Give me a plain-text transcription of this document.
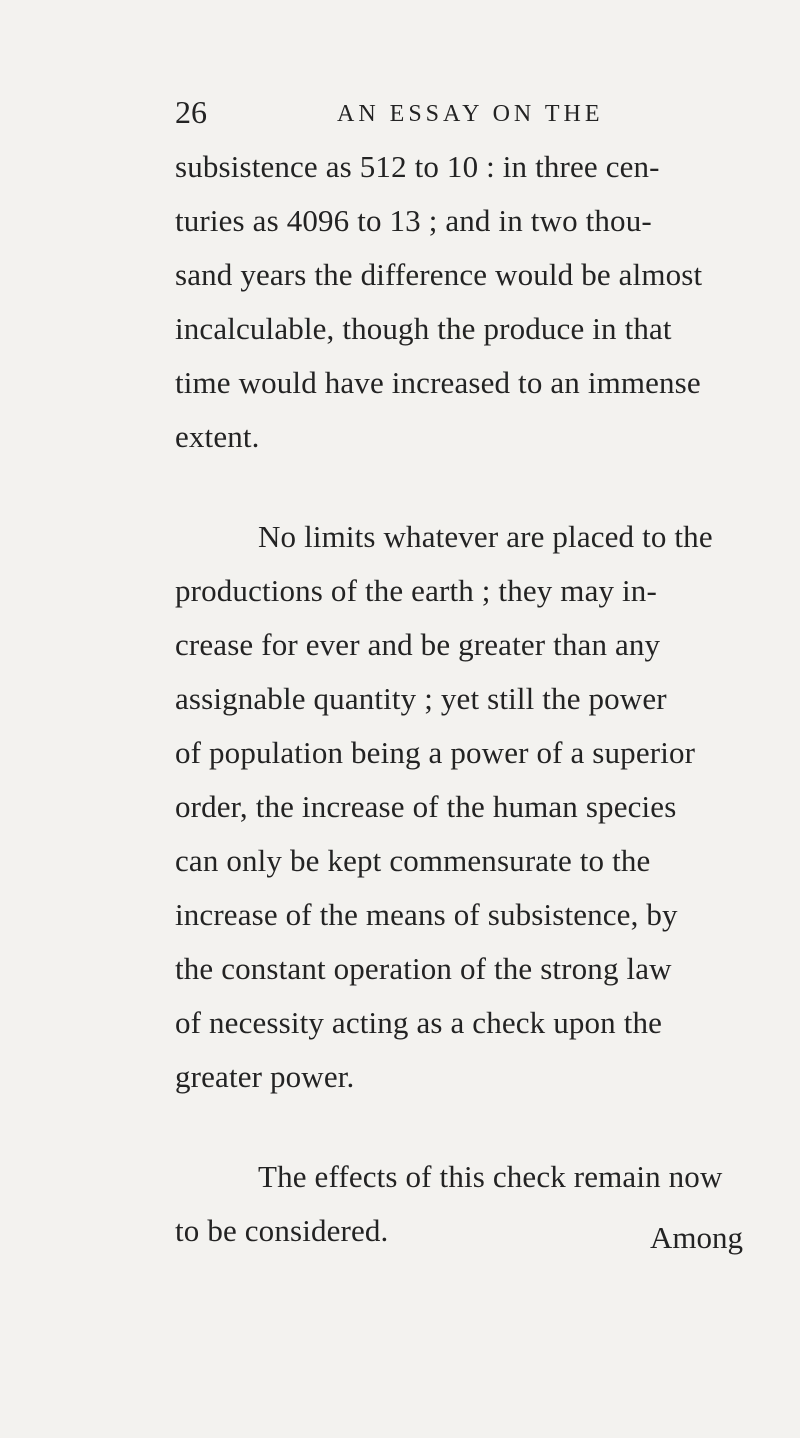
26	AN ESSAY ON THE
subsistence as 512 to 10 : in three cen-
turies as 4096 to 13 ; and in two thou-
sand years the difference would be almost
incalculable, though the produce in that
time would have increased to an immense
extent.
No limits whatever are placed to the
productions of the earth ; they may in-
crease for ever and be greater than any
assignable quantity ; yet still the power
of population being a power of a superior
order, the increase of the human species
can only be kept commensurate to the
increase of the means of subsistence, by
the constant operation of the strong law
of necessity acting as a check upon the
greater power.
The effects of this check remain now
to be considered.	Among
